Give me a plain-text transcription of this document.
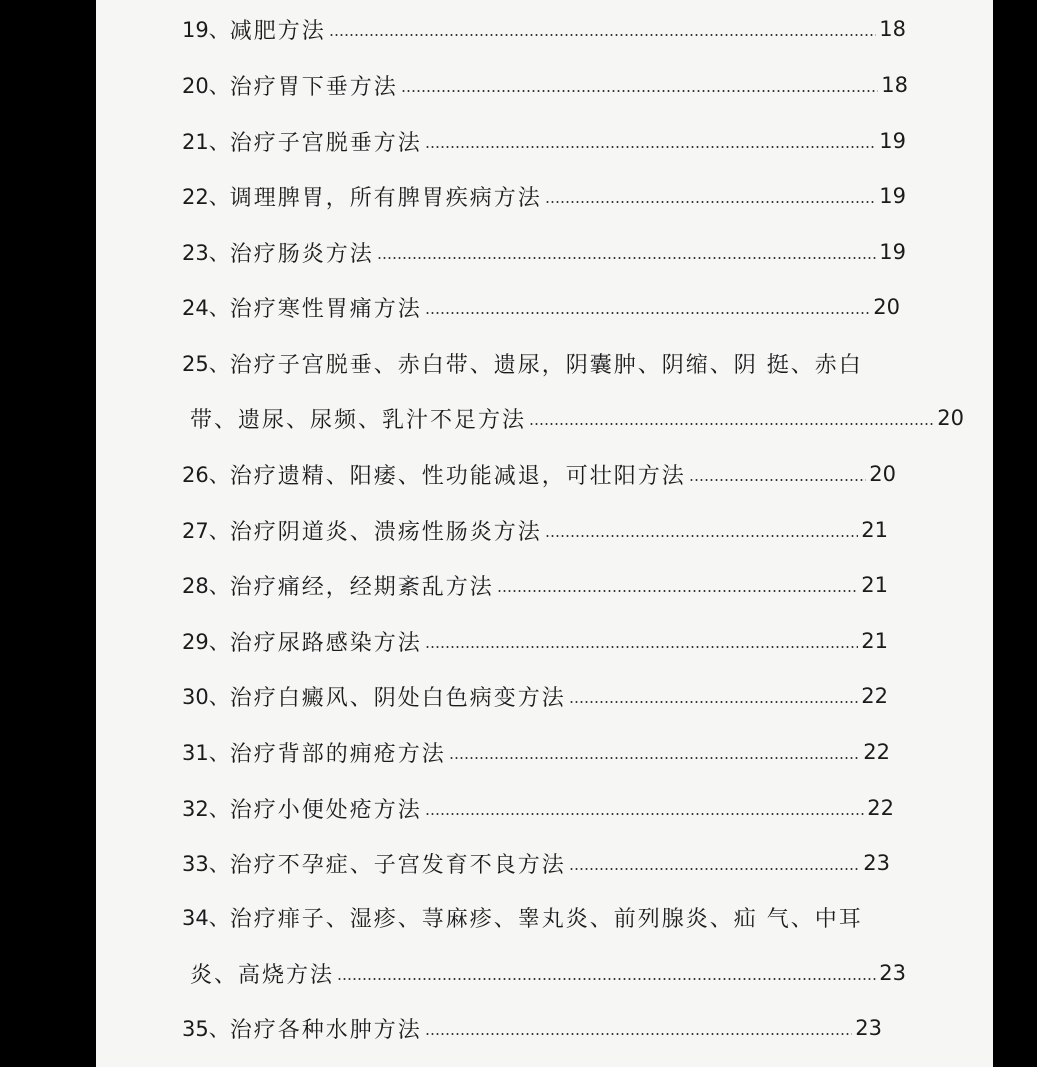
19、 减肥方法	18
20、 治疗胃下垂方法	18
21、 治疗子宫脱垂方法	19
22、 调理脾胃，所有脾胃疾病方法	19
23、 治疗肠炎方法	19
24、 治疗寒性胃痛方法	20
25、 治疗子宫脱垂、赤白带、遗尿，阴囊肿、阴缩、阴 挺、赤白
带、遗尿、尿频、乳汁不足方法	20
26、 治疗遗精、阳痿、性功能减退，可壮阳方法	20
27、 治疗阴道炎、溃疡性肠炎方法	21
28、 治疗痛经，经期紊乱方法	21
29、 治疗尿路感染方法	21
30、 治疗白癜风、阴处白色病变方法	22
31、 治疗背部的痈疮方法	22
32、 治疗小便处疮方法	22
33、 治疗不孕症、子宫发育不良方法	23
34、 治疗痱子、湿疹、荨麻疹、睾丸炎、前列腺炎、疝 气、中耳
炎、高烧方法	23
35、 治疗各种水肿方法	23
